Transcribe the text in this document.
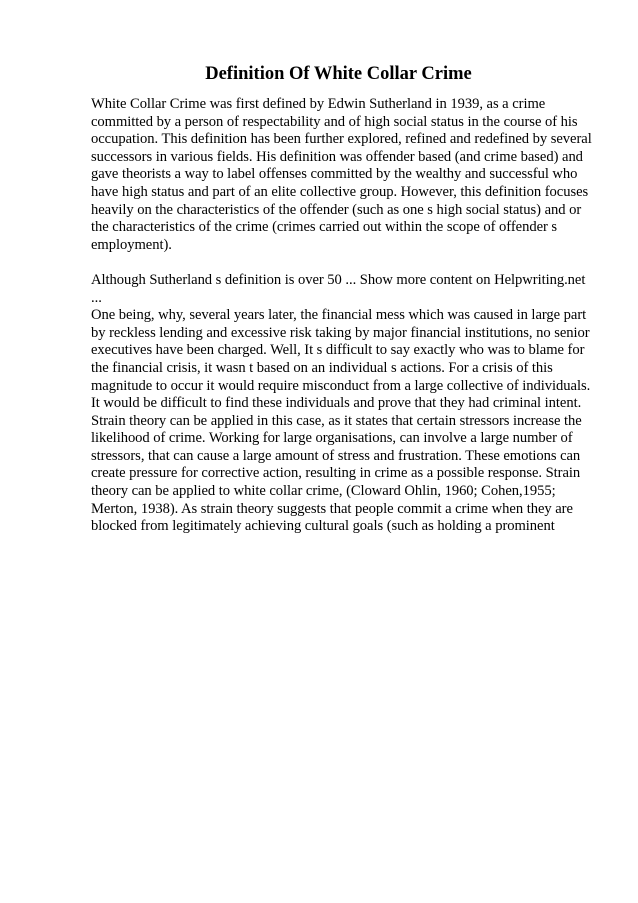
Definition Of White Collar Crime

White Collar Crime was first defined by Edwin Sutherland in 1939, as a crime committed by a person of respectability and of high social status in the course of his occupation. This definition has been further explored, refined and redefined by several successors in various fields. His definition was offender based (and crime based) and gave theorists a way to label offenses committed by the wealthy and successful who have high status and part of an elite collective group. However, this definition focuses heavily on the characteristics of the offender (such as one s high social status) and or the characteristics of the crime (crimes carried out within the scope of offender s employment).

Although Sutherland s definition is over 50 ... Show more content on Helpwriting.net ...

One being, why, several years later, the financial mess which was caused in large part by reckless lending and excessive risk taking by major financial institutions, no senior executives have been charged. Well, It s difficult to say exactly who was to blame for the financial crisis, it wasn t based on an individual s actions. For a crisis of this magnitude to occur it would require misconduct from a large collective of individuals. It would be difficult to find these individuals and prove that they had criminal intent. Strain theory can be applied in this case, as it states that certain stressors increase the likelihood of crime. Working for large organisations, can involve a large number of stressors, that can cause a large amount of stress and frustration. These emotions can create pressure for corrective action, resulting in crime as a possible response. Strain theory can be applied to white collar crime, (Cloward Ohlin, 1960; Cohen,1955; Merton, 1938). As strain theory suggests that people commit a crime when they are blocked from legitimately achieving cultural goals (such as holding a prominent
